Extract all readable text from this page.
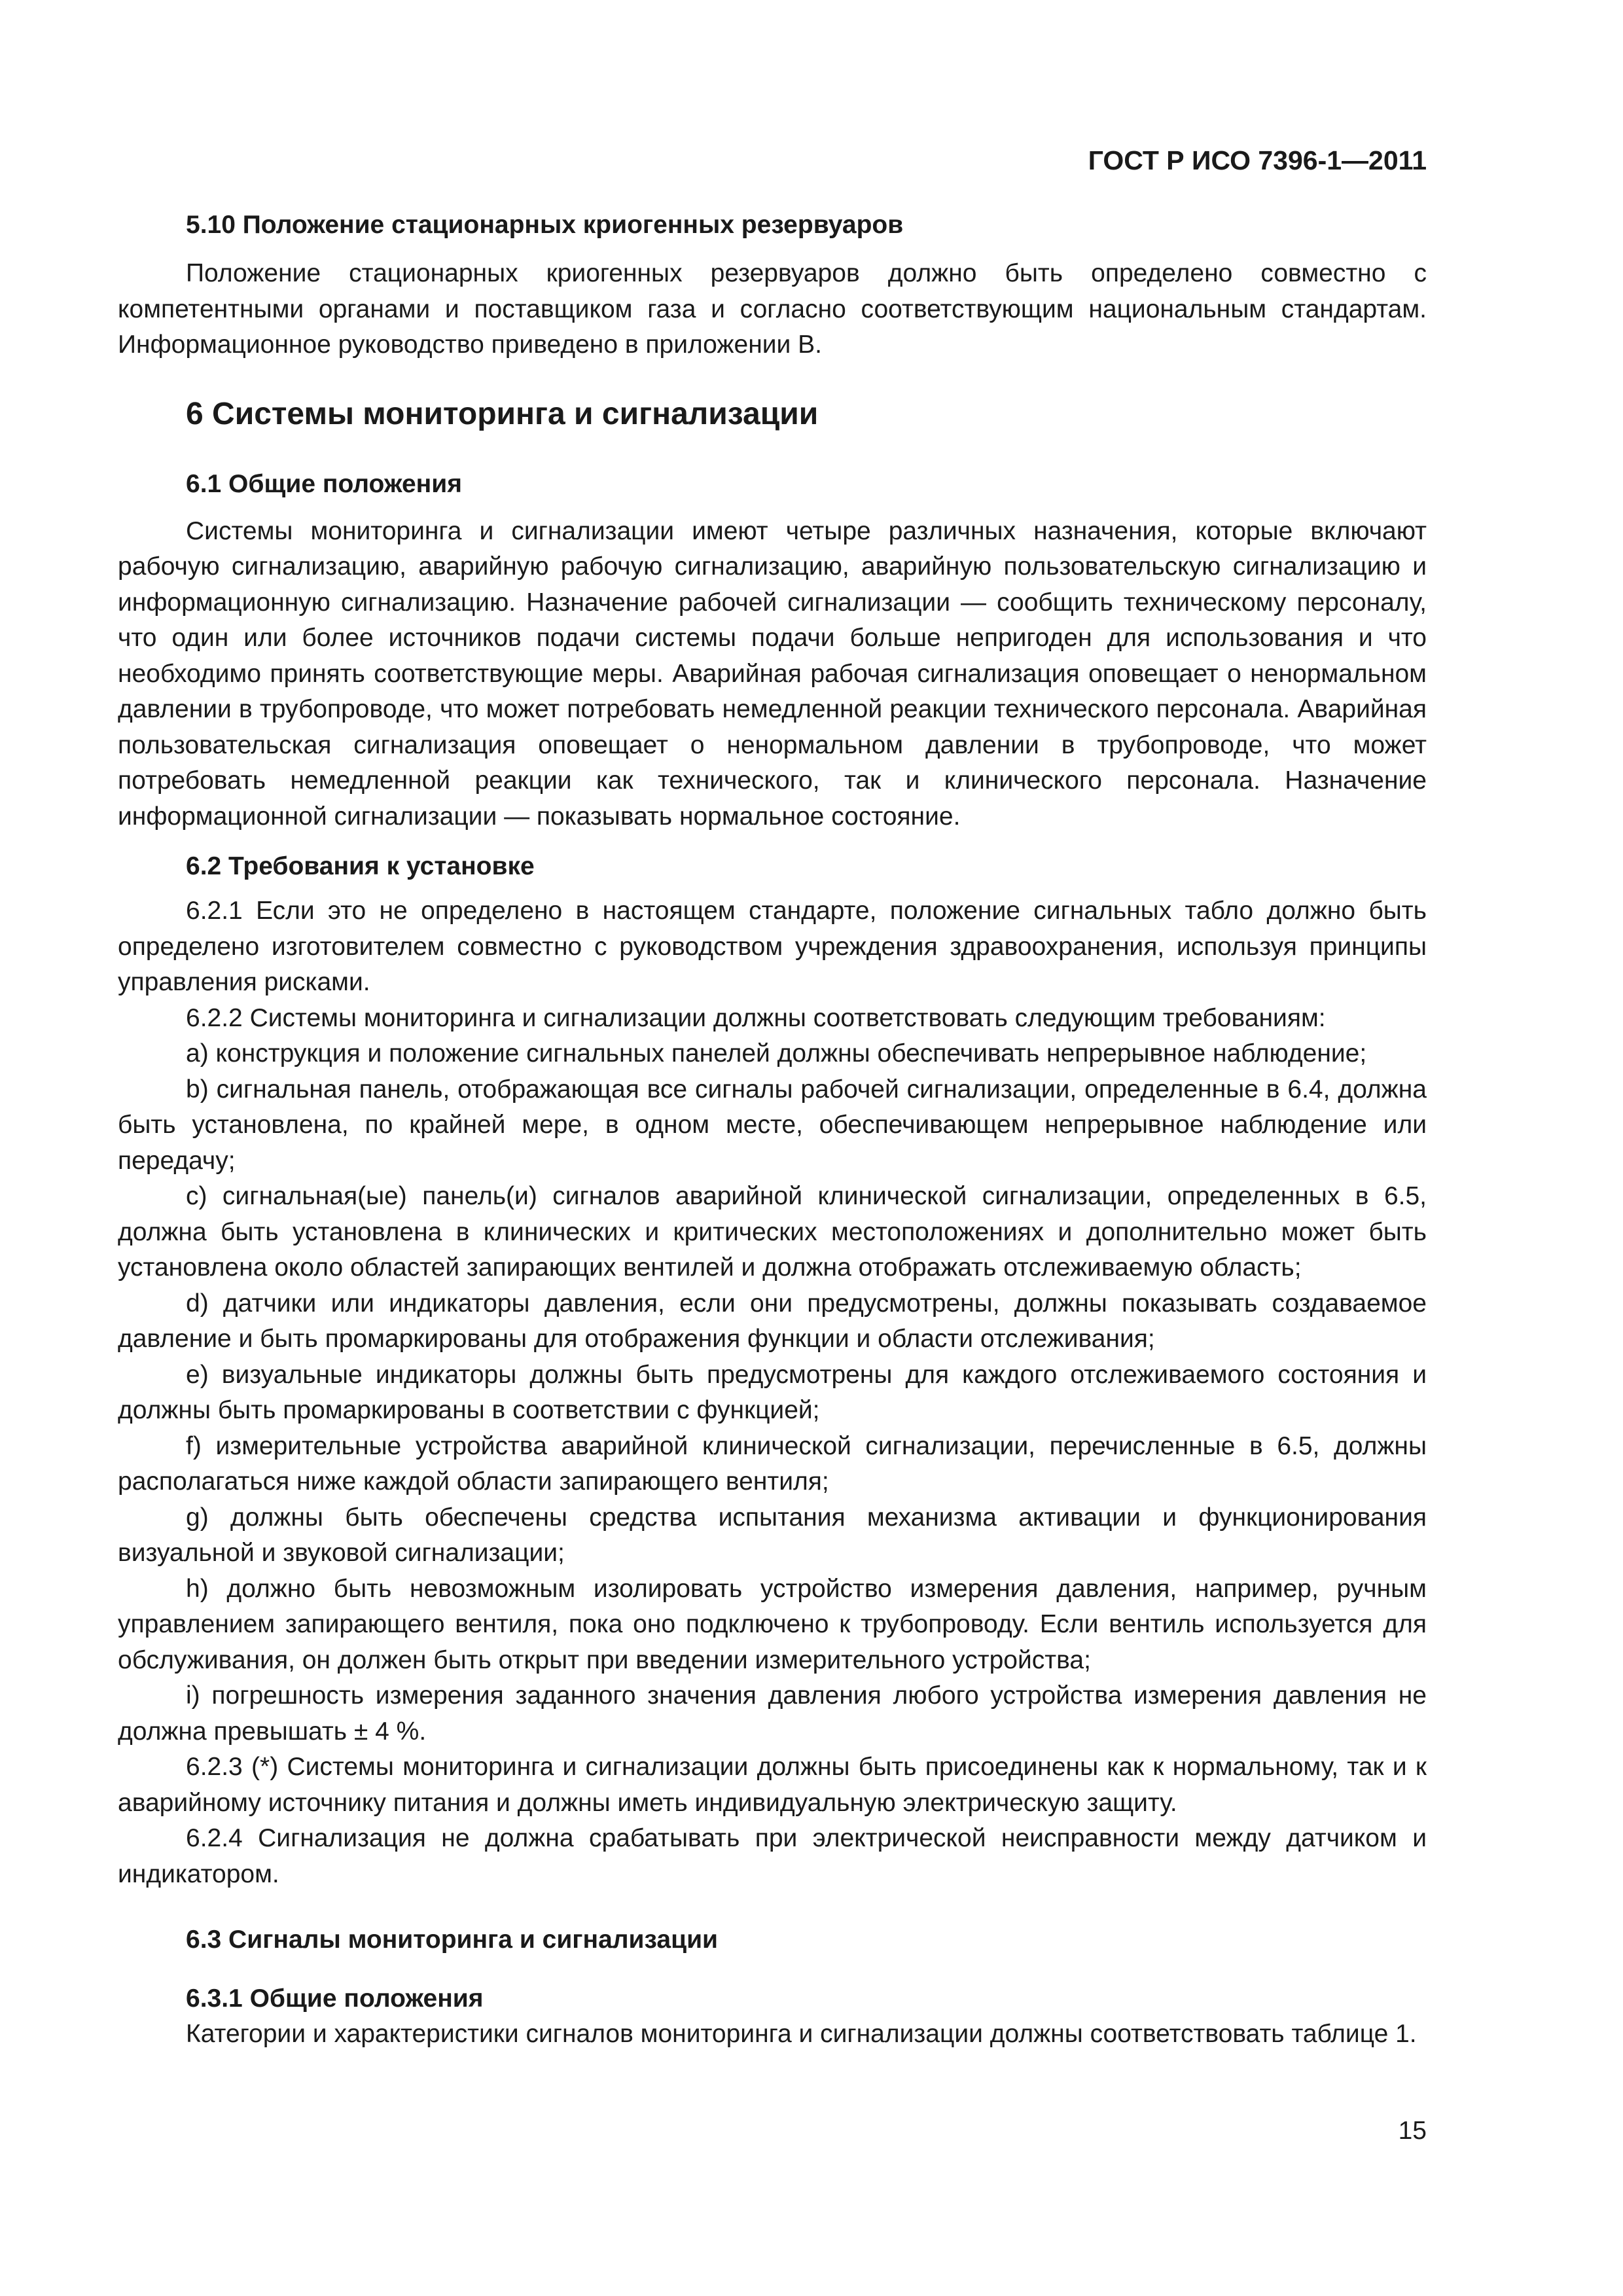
ГОСТ Р ИСО 7396-1—2011
5.10 Положение стационарных криогенных резервуаров

Положение стационарных криогенных резервуаров должно быть определено совместно с компетентными органами и поставщиком газа и согласно соответствующим национальным стандартам. Информационное руководство приведено в приложении В.

6 Системы мониторинга и сигнализации
6.1 Общие положения

Системы мониторинга и сигнализации имеют четыре различных назначения, которые включают рабочую сигнализацию, аварийную рабочую сигнализацию, аварийную пользовательскую сигнализацию и информационную сигнализацию. Назначение рабочей сигнализации — сообщить техническому персоналу, что один или более источников подачи системы подачи больше непригоден для использования и что необходимо принять соответствующие меры. Аварийная рабочая сигнализация оповещает о ненормальном давлении в трубопроводе, что может потребовать немедленной реакции технического персонала. Аварийная пользовательская сигнализация оповещает о ненормальном давлении в трубопроводе, что может потребовать немедленной реакции как технического, так и клинического персонала. Назначение информационной сигнализации — показывать нормальное состояние.

6.2 Требования к установке

6.2.1 Если это не определено в настоящем стандарте, положение сигнальных табло должно быть определено изготовителем совместно с руководством учреждения здравоохранения, используя принципы управления рисками.

6.2.2 Системы мониторинга и сигнализации должны соответствовать следующим требованиям:

а) конструкция и положение сигнальных панелей должны обеспечивать непрерывное наблюдение;

b) сигнальная панель, отображающая все сигналы рабочей сигнализации, определенные в 6.4, должна быть установлена, по крайней мере, в одном месте, обеспечивающем непрерывное наблюдение или передачу;

с) сигнальная(ые) панель(и) сигналов аварийной клинической сигнализации, определенных в 6.5, должна быть установлена в клинических и критических местоположениях и дополнительно может быть установлена около областей запирающих вентилей и должна отображать отслеживаемую область;

d) датчики или индикаторы давления, если они предусмотрены, должны показывать создаваемое давление и быть промаркированы для отображения функции и области отслеживания;

е) визуальные индикаторы должны быть предусмотрены для каждого отслеживаемого состояния и должны быть промаркированы в соответствии с функцией;

f) измерительные устройства аварийной клинической сигнализации, перечисленные в 6.5, должны располагаться ниже каждой области запирающего вентиля;

g) должны быть обеспечены средства испытания механизма активации и функционирования визуальной и звуковой сигнализации;

h) должно быть невозможным изолировать устройство измерения давления, например, ручным управлением запирающего вентиля, пока оно подключено к трубопроводу. Если вентиль используется для обслуживания, он должен быть открыт при введении измерительного устройства;

i) погрешность измерения заданного значения давления любого устройства измерения давления не должна превышать ± 4 %.

6.2.3 (*) Системы мониторинга и сигнализации должны быть присоединены как к нормальному, так и к аварийному источнику питания и должны иметь индивидуальную электрическую защиту.

6.2.4 Сигнализация не должна срабатывать при электрической неисправности между датчиком и индикатором.

6.3 Сигналы мониторинга и сигнализации
6.3.1 Общие положения

Категории и характеристики сигналов мониторинга и сигнализации должны соответствовать таблице 1.

15
